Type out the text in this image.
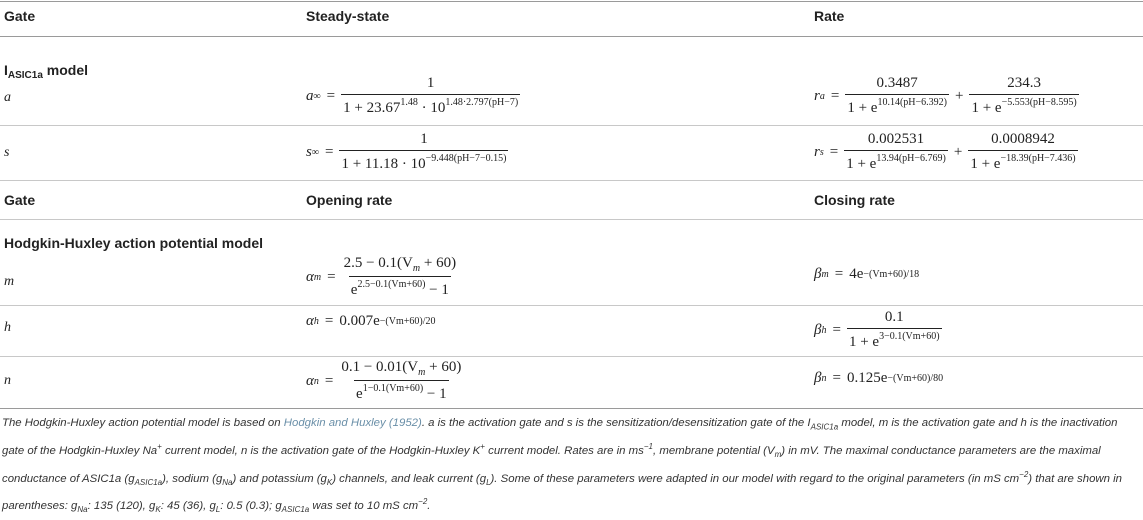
Gate	Steady-state	Rate
$I_{ASIC1a}$ model
a	a ∞ = $\frac{1}{1 + 23.67^{1.48} \cdot 10^{1.48\cdot 2.797(pH-7)}}$	r $a = \frac{0.3487}{1 + e^{10.14(pH-6.392)}} + \frac{234.3}{1 + e^{-5.553(pH-8.595)}}$
s	s ∞ = $\frac{1}{1 + 11.18 \cdot 10^{-9.448(pH-7-0.15)}}$	r $s = \frac{0.002531}{1 + e^{13.94(pH-6.769)}} + \frac{0.0008942}{1 + e^{-18.39(pH-7.436)}}$
Gate	Opening rate	Closing rate
Hodgkin-Huxley action potential model
m	α $m = \frac{2.5 - 0.1(V_m + 60)}{e^{2.5-0.1(Vm+60)} - 1}$	β m = 4e −(Vm+60)/18
h	α h = 0.007e −(Vm+60)/20	β $h = \frac{0.1}{1 + e^{3-0.1(Vm+60)}}$
n	α $n = \frac{0.1 - 0.01(V_m + 60)}{e^{1-0.1(Vm+60)} - 1}$	β n = 0.125e −(Vm+60)/80
The Hodgkin-Huxley action potential model is based on Hodgkin and Huxley (1952). a is the activation gate and s is the sensitization/desensitization gate of the $I_{ASIC1a}$ model, m is the activation gate and h is the inactivation gate of the Hodgkin-Huxley Na+ current model, n is the activation gate of the Hodgkin-Huxley K+ current model. Rates are in $ms^{-1}$, membrane potential $(V_m)$ in mV. The maximal conductance parameters are the maximal conductance of ASIC1a $(g_{ASIC1a})$, sodium $(g_{Na})$ and potassium $(g_K)$ channels, and leak current $(g_L)$. Some of these parameters were adapted in our model with regard to the original parameters (in mS $cm^{-2}$) that are shown in parentheses: $g_{Na}$: 135 (120), $g_K$: 45 (36), $g_L$: 0.5 (0.3); $g_{ASIC1a}$ was set to 10 mS $cm^{-2}$.
